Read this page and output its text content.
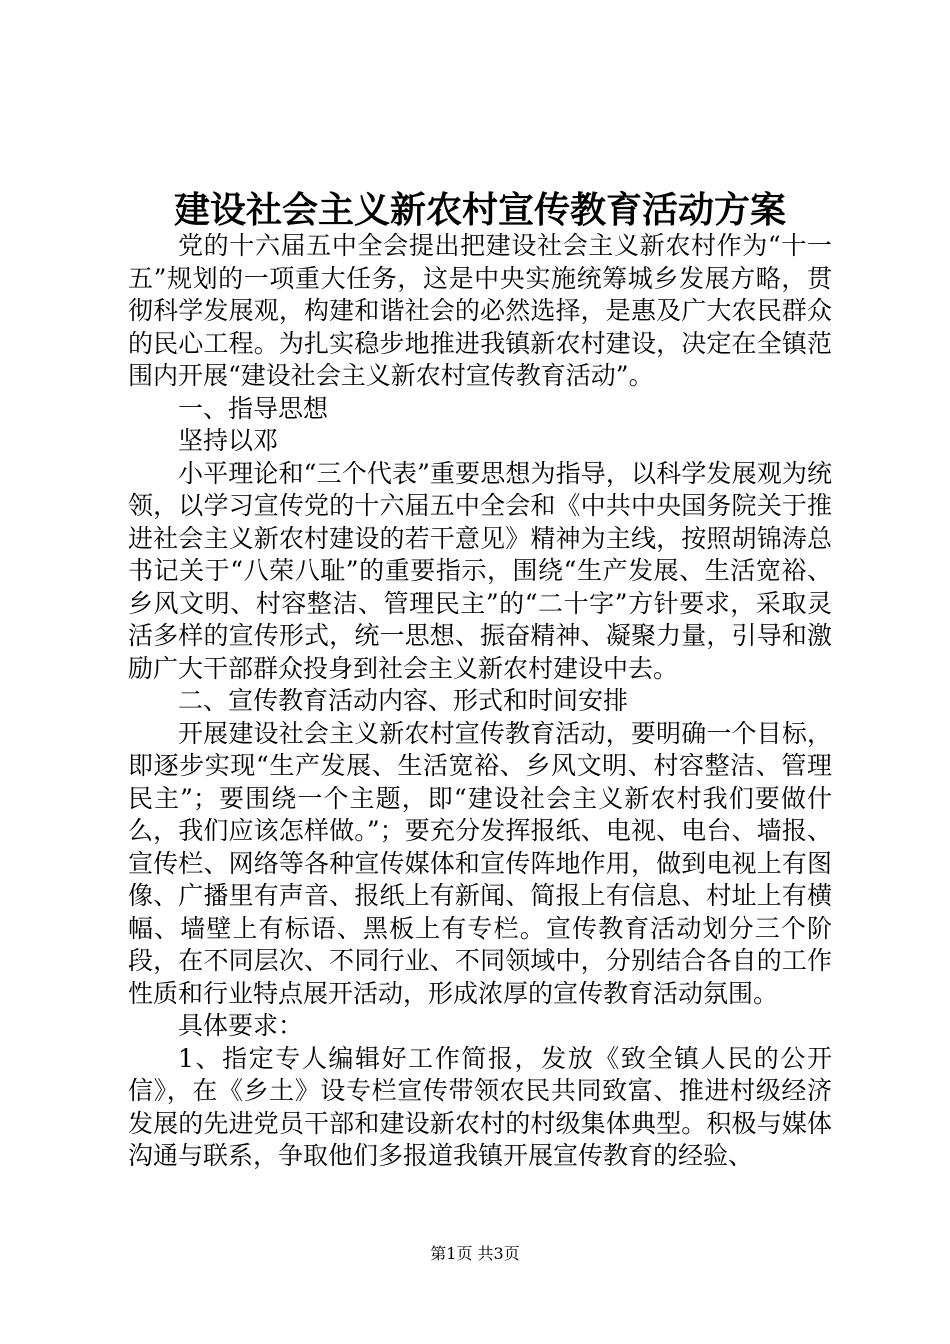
建设社会主义新农村宣传教育活动方案

党的十六届五中全会提出把建设社会主义新农村作为“十一五”规划的一项重大任务，这是中央实施统筹城乡发展方略，贯彻科学发展观，构建和谐社会的必然选择，是惠及广大农民群众的民心工程。为扎实稳步地推进我镇新农村建设，决定在全镇范围内开展“建设社会主义新农村宣传教育活动”。

一、指导思想

坚持以邓

小平理论和“三个代表”重要思想为指导，以科学发展观为统领，以学习宣传党的十六届五中全会和《中共中央国务院关于推进社会主义新农村建设的若干意见》精神为主线，按照胡锦涛总书记关于“八荣八耻”的重要指示，围绕“生产发展、生活宽裕、乡风文明、村容整洁、管理民主”的“二十字”方针要求，采取灵活多样的宣传形式，统一思想、振奋精神、凝聚力量，引导和激励广大干部群众投身到社会主义新农村建设中去。

二、宣传教育活动内容、形式和时间安排

开展建设社会主义新农村宣传教育活动，要明确一个目标，即逐步实现“生产发展、生活宽裕、乡风文明、村容整洁、管理民主”；要围绕一个主题，即“建设社会主义新农村我们要做什么，我们应该怎样做。”；要充分发挥报纸、电视、电台、墙报、宣传栏、网络等各种宣传媒体和宣传阵地作用，做到电视上有图像、广播里有声音、报纸上有新闻、简报上有信息、村址上有横幅、墙壁上有标语、黑板上有专栏。宣传教育活动划分三个阶段，在不同层次、不同行业、不同领域中，分别结合各自的工作性质和行业特点展开活动，形成浓厚的宣传教育活动氛围。

具体要求：

1、指定专人编辑好工作简报，发放《致全镇人民的公开信》，在《乡土》设专栏宣传带领农民共同致富、推进村级经济发展的先进党员干部和建设新农村的村级集体典型。积极与媒体沟通与联系，争取他们多报道我镇开展宣传教育的经验、

第1页 共3页
